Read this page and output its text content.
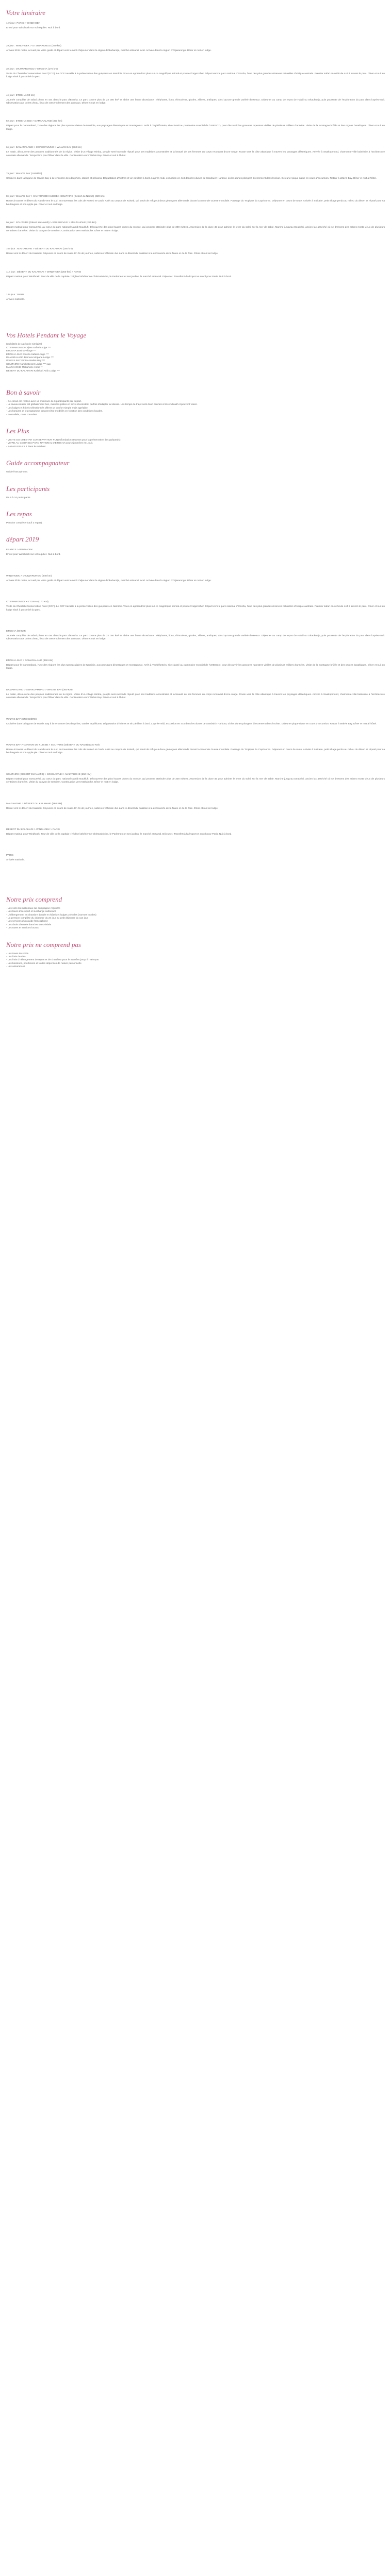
Votre itinéraire

1er jour : PARIS > WINDHOEK

Envol pour Windhoek sur vol régulier. Nuit à bord.

2e jour : WINDHOEK > OTJIWARONGO (240 km)

Arrivée tôt le matin, accueil par votre guide et départ vers le nord. Déjeuner dans la région d'Okahandja, marché artisanal local. Arrivée dans la région d'Otjiwarongo. Dîner et nuit en lodge.

3e jour : OTJIWARONGO > ETOSHA (170 km)

Visite du Cheetah Conservation Fund (CCF). Le CCF travaille à la préservation des guépards en Namibie. Vous en apprendrez plus sur ce magnifique animal et pourrez l'approcher. Départ vers le parc national d'Etosha, l'une des plus grandes réserves naturelles d'Afrique australe. Premier safari en véhicule 4x4 à travers le parc. Dîner et nuit en lodge situé à proximité du parc.

4e jour : ETOSHA (90 km)

Journée complète de safari photo en 4x4 dans le parc d'Etosha. Le parc couvre plus de 22 000 km² et abrite une faune abondante : éléphants, lions, rhinocéros, girafes, zèbres, antilopes, ainsi qu'une grande variété d'oiseaux. Déjeuner au camp de repos de Halali ou Okaukuejo, puis poursuite de l'exploration du parc dans l'après-midi. Observation aux points d'eau, lieux de rassemblement des animaux. Dîner et nuit en lodge.

5e jour : ETOSHA SUD > DAMARALAND (350 km)

Départ pour le Damaraland, l'une des régions les plus spectaculaires de Namibie, aux paysages désertiques et montagneux. Arrêt à Twyfelfontein, site classé au patrimoine mondial de l'UNESCO, pour découvrir les gravures rupestres vieilles de plusieurs milliers d'années. Visite de la montagne brûlée et des orgues basaltiques. Dîner et nuit en lodge.

6e jour : DAMARALAND > SWAKOPMUND > WALVIS BAY (360 km)

Le matin, découverte des peuples traditionnels de la région. Visite d'un village Himba, peuple semi-nomade réputé pour ses traditions ancestrales et la beauté de ses femmes au corps recouvert d'ocre rouge. Route vers la côte atlantique à travers les paysages désertiques. Arrivée à Swakopmund, charmante ville balnéaire à l'architecture coloniale allemande. Temps libre pour flâner dans la ville. Continuation vers Walvis Bay. Dîner et nuit à l'hôtel.

7e jour : WALVIS BAY (croisière)

Croisière dans la lagune de Walvis Bay à la rencontre des dauphins, otaries et pélicans. Dégustation d'huîtres et vin pétillant à bord. L'après-midi, excursion en 4x4 dans les dunes de Sandwich Harbour, où les dunes plongent directement dans l'océan. Déjeuner pique-nique en cours d'excursion. Retour à Walvis Bay. Dîner et nuit à l'hôtel.

8e jour : WALVIS BAY > CANYON DE KUISEB > SOLITAIRE (Désert du Namib) (320 km)

Route à travers le désert du Namib vers le sud, en traversant les cols de Kuiseb et Gaub. Arrêt au canyon de Kuiseb, qui servit de refuge à deux géologues allemands durant la Seconde Guerre mondiale. Passage du Tropique du Capricorne. Déjeuner en cours de route. Arrivée à Solitaire, petit village perdu au milieu du désert et réputé pour sa boulangerie et son apple pie. Dîner et nuit en lodge.

9e jour : SOLITAIRE (Désert du Namib) > SOSSUSVLEI > MALTAHOHE (250 km)

Départ matinal pour Sossusvlei, au cœur du parc national Namib Naukluft. Découverte des plus hautes dunes du monde, qui peuvent atteindre plus de 300 mètres. Ascension de la dune 45 pour admirer le lever du soleil sur la mer de sable. Marche jusqu'au Deadvlei, ancien lac asséché où se dressent des arbres morts vieux de plusieurs centaines d'années. Visite du canyon de Sesriem. Continuation vers Maltahohe. Dîner et nuit en lodge.

10e jour : MALTAHOHE > DÉSERT DU KALAHARI (180 km)

Route vers le désert du Kalahari. Déjeuner en cours de route. En fin de journée, safari en véhicule 4x4 dans le désert du Kalahari à la découverte de la faune et de la flore. Dîner et nuit en lodge.

11e jour : DÉSERT DU KALAHARI > WINDHOEK (250 km) > PARIS

Départ matinal pour Windhoek. Tour de ville de la capitale : l'église luthérienne Christuskirche, le Parlement et ses jardins, le marché artisanal. Déjeuner. Transfert à l'aéroport et envol pour Paris. Nuit à bord.

12e jour : PARIS

Arrivée matinale.

Vos Hotels Pendant le Voyage

(ou hôtels de catégorie similaire)

OTJIWARONGO Otjiwa Safari Lodge ***

ETOSHA Etosha Village ***

ETOSHA SUD Etosha Safari Lodge ***

DAMARALAND Damara Mopane Lodge ***

WALVIS BAY Protea Walvis Bay ***

SOLITAIRE Namib Desert Lodge *** sup

MALTAHOHE Maltahohe Hotel **

DÉSERT DU KALAHARI Kalahari Anib Lodge ***

Bon à savoir

- Ce circuit est réalisé avec un minimum de 6 participants par départ.

- Le niveau routier est globalement bon, mais les pistes en terre nécessitent parfois d'adapter la vitesse. Les temps de trajet sont donc donnés à titre indicatif et peuvent varier.

- Les lodges et hôtels sélectionnés offrent un confort simple mais agréable.

- Les horaires et le programme peuvent être modifiés en fonction des conditions locales.

- Formalités, nous consulter.

Les Plus

- VISITE DU CHEETAH CONSERVATION FUND (fondation œuvrant pour la préservation des guépards).

- VIVRE AU CŒUR DU PARC NATIONAL D'ETOSHA pour 2 journées et 1 nuit.

- SAFARI EN 4 X 4 dans le Kalahari.

Guide accompagnateur

Guide francophone.

Les participants

De 6 à 24 participants.

Les repas

Pension complète (sauf 3 repas).

départ 2019

FRANCE > WINDHOEK

Envol pour Windhoek sur vol régulier. Nuit à bord.

WINDHOEK > OTJIWARONGO (240 km)

Arrivée tôt le matin, accueil par votre guide et départ vers le nord. Déjeuner dans la région d'Okahandja, marché artisanal local. Arrivée dans la région d'Otjiwarongo. Dîner et nuit en lodge.

OTJIWARONGO > ETOSHA (170 KM)

Visite du Cheetah Conservation Fund (CCF). Le CCF travaille à la préservation des guépards en Namibie. Vous en apprendrez plus sur ce magnifique animal et pourrez l'approcher. Départ vers le parc national d'Etosha, l'une des plus grandes réserves naturelles d'Afrique australe. Premier safari en véhicule 4x4 à travers le parc. Dîner et nuit en lodge situé à proximité du parc.

ETOSHA (90 KM)

Journée complète de safari photo en 4x4 dans le parc d'Etosha. Le parc couvre plus de 22 000 km² et abrite une faune abondante : éléphants, lions, rhinocéros, girafes, zèbres, antilopes, ainsi qu'une grande variété d'oiseaux. Déjeuner au camp de repos de Halali ou Okaukuejo, puis poursuite de l'exploration du parc dans l'après-midi. Observation aux points d'eau, lieux de rassemblement des animaux. Dîner et nuit en lodge.

ETOSHA SUD > DAMARALAND (350 KM)

Départ pour le Damaraland, l'une des régions les plus spectaculaires de Namibie, aux paysages désertiques et montagneux. Arrêt à Twyfelfontein, site classé au patrimoine mondial de l'UNESCO, pour découvrir les gravures rupestres vieilles de plusieurs milliers d'années. Visite de la montagne brûlée et des orgues basaltiques. Dîner et nuit en lodge.

DAMARALAND > SWAKOPMUND > WALVIS BAY (360 KM)

Le matin, découverte des peuples traditionnels de la région. Visite d'un village Himba, peuple semi-nomade réputé pour ses traditions ancestrales et la beauté de ses femmes au corps recouvert d'ocre rouge. Route vers la côte atlantique à travers les paysages désertiques. Arrivée à Swakopmund, charmante ville balnéaire à l'architecture coloniale allemande. Temps libre pour flâner dans la ville. Continuation vers Walvis Bay. Dîner et nuit à l'hôtel.

WALVIS BAY (CROISIÈRE)

Croisière dans la lagune de Walvis Bay à la rencontre des dauphins, otaries et pélicans. Dégustation d'huîtres et vin pétillant à bord. L'après-midi, excursion en 4x4 dans les dunes de Sandwich Harbour, où les dunes plongent directement dans l'océan. Déjeuner pique-nique en cours d'excursion. Retour à Walvis Bay. Dîner et nuit à l'hôtel.

WALVIS BAY > CANYON DE KUISEB > SOLITAIRE (DÉSERT DU NAMIB) (320 KM)

Route à travers le désert du Namib vers le sud, en traversant les cols de Kuiseb et Gaub. Arrêt au canyon de Kuiseb, qui servit de refuge à deux géologues allemands durant la Seconde Guerre mondiale. Passage du Tropique du Capricorne. Déjeuner en cours de route. Arrivée à Solitaire, petit village perdu au milieu du désert et réputé pour sa boulangerie et son apple pie. Dîner et nuit en lodge.

SOLITAIRE (DÉSERT DU NAMIB) > SOSSUSVLEI > MALTAHOHE (250 KM)

Départ matinal pour Sossusvlei, au cœur du parc national Namib Naukluft. Découverte des plus hautes dunes du monde, qui peuvent atteindre plus de 300 mètres. Ascension de la dune 45 pour admirer le lever du soleil sur la mer de sable. Marche jusqu'au Deadvlei, ancien lac asséché où se dressent des arbres morts vieux de plusieurs centaines d'années. Visite du canyon de Sesriem. Continuation vers Maltahohe. Dîner et nuit en lodge.

MALTAHOHE > DÉSERT DU KALAHARI (180 KM)

Route vers le désert du Kalahari. Déjeuner en cours de route. En fin de journée, safari en véhicule 4x4 dans le désert du Kalahari à la découverte de la faune et de la flore. Dîner et nuit en lodge.

DÉSERT DU KALAHARI > WINDHOEK > PARIS

Départ matinal pour Windhoek. Tour de ville de la capitale : l'église luthérienne Christuskirche, le Parlement et ses jardins, le marché artisanal. Déjeuner. Transfert à l'aéroport et envol pour Paris. Nuit à bord.

PARIS

Arrivée matinale.

Notre prix comprend

- Les vols internationaux sur compagnie régulière

- Les taxes d'aéroport et surcharge carburant

- L'hébergement en chambre double en hôtels et lodges 3 étoiles (normes locales)

- La pension complète du déjeuner du 2e jour au petit déjeuner du 11e jour

- Les services d'un guide francophone

- Les droits d'entrée dans les sites visités

- Les taxes et services locaux

Notre prix ne comprend pas

- Les taxes de sortie

- Les frais de visa

- Les frais d'hébergement de repas et de chauffeur pour le transfert jusqu'à l'aéroport

- Les boissons, pourboires et toutes dépenses de nature personnelle

- Les assurances
